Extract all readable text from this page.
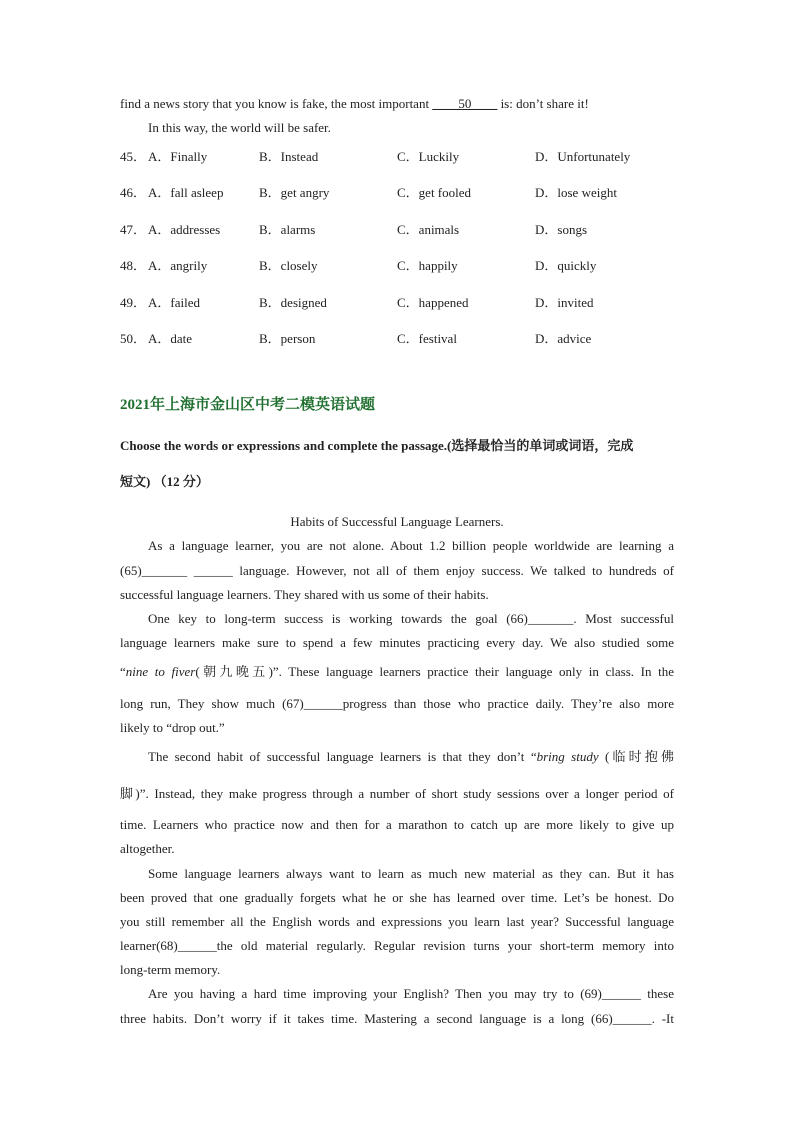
find a news story that you know is fake, the most important ____50____ is: don’t share it!
In this way, the world will be safer.
45． A．Finally	B．Instead	C．Luckily	D．Unfortunately
46． A．fall asleep	B．get angry	C．get fooled	D．lose weight
47． A．addresses	B．alarms	C．animals	D．songs
48． A．angrily	B．closely	C．happily	D．quickly
49． A．failed	B．designed	C．happened	D．invited
50． A．date	B．person	C．festival	D．advice
2021年上海市金山区中考二模英语试题
Choose the words or expressions and complete the passage.(选择最恰当的单词或词语，完成
短文) （12 分）
Habits of Successful Language Learners.
As a language learner, you are not alone. About 1.2 billion people worldwide are learning a
(65)_______ ______ language. However, not all of them enjoy success. We talked to hundreds of
successful language learners. They shared with us some of their habits.
One key to long-term success is working towards the goal (66)_______. Most successful
language learners make sure to spend a few minutes practicing every day. We also studied some
“nine to fiver(朝九晚五)”. These language learners practice their language only in class. In the
long run, They show much (67)______progress than those who practice daily. They’re also more
likely to “drop out.”
The second habit of successful language learners is that they don’t “bring study (临时抱佛
脚)”. Instead, they make progress through a number of short study sessions over a longer period of
time. Learners who practice now and then for a marathon to catch up are more likely to give up
altogether.
Some language learners always want to learn as much new material as they can. But it has
been proved that one gradually forgets what he or she has learned over time. Let’s be honest. Do
you still remember all the English words and expressions you learn last year? Successful language
learner(68)______the old material regularly. Regular revision turns your short-term memory into
long-term memory.
Are you having a hard time improving your English? Then you may try to (69)______ these
three habits. Don’t worry if it takes time. Mastering a second language is a long (66)______. -It
